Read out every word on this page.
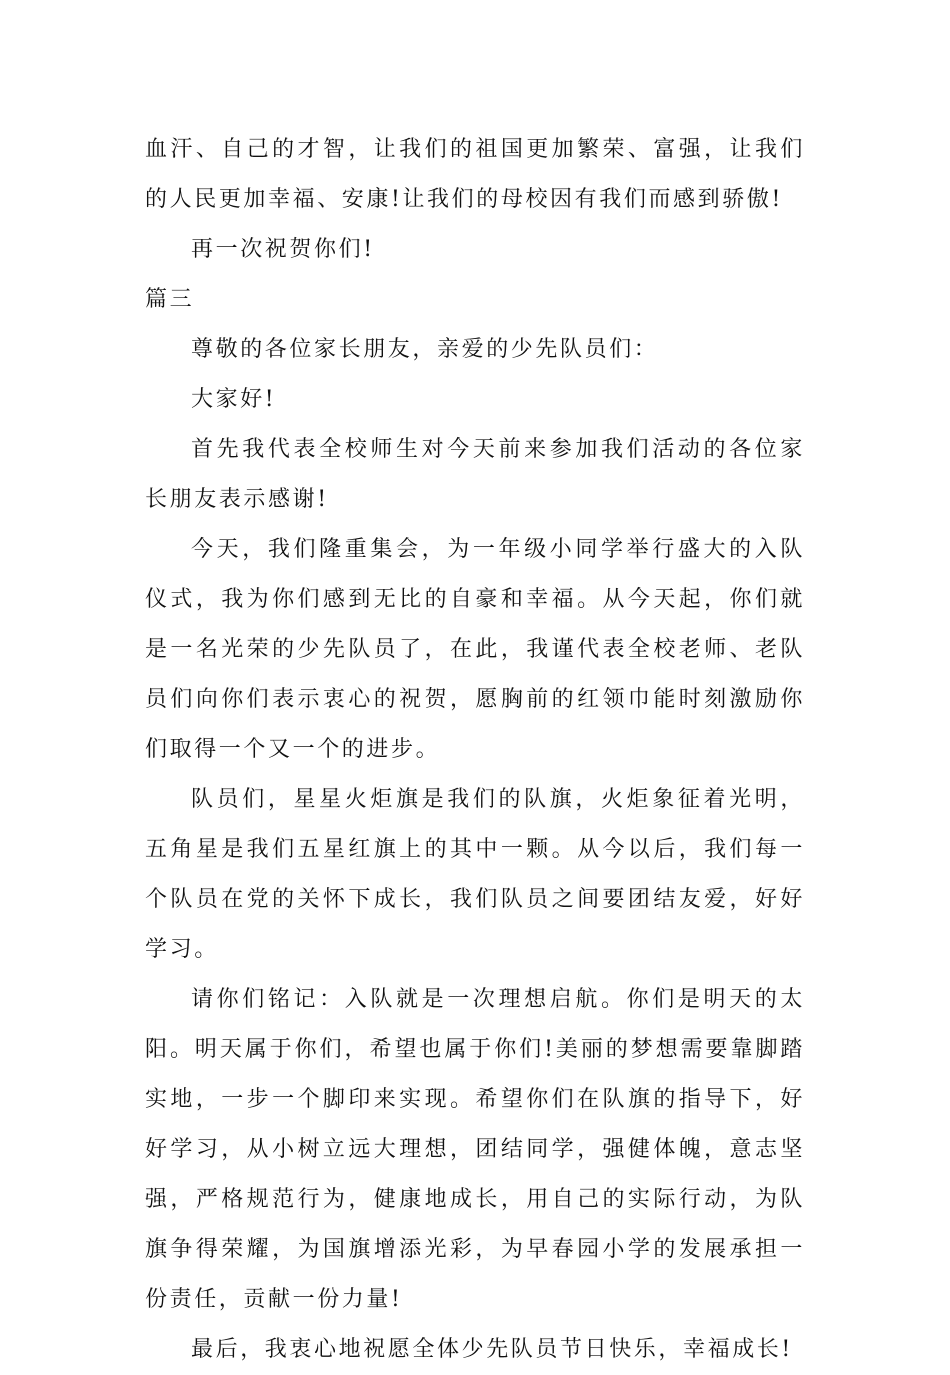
血汗、自己的才智，让我们的祖国更加繁荣、富强，让我们的人民更加幸福、安康!让我们的母校因有我们而感到骄傲!

再一次祝贺你们!

篇三

尊敬的各位家长朋友，亲爱的少先队员们：

大家好!

首先我代表全校师生对今天前来参加我们活动的各位家长朋友表示感谢!

今天，我们隆重集会，为一年级小同学举行盛大的入队仪式，我为你们感到无比的自豪和幸福。从今天起，你们就是一名光荣的少先队员了，在此，我谨代表全校老师、老队员们向你们表示衷心的祝贺，愿胸前的红领巾能时刻激励你们取得一个又一个的进步。

队员们，星星火炬旗是我们的队旗，火炬象征着光明，五角星是我们五星红旗上的其中一颗。从今以后，我们每一个队员在党的关怀下成长，我们队员之间要团结友爱，好好学习。

请你们铭记：入队就是一次理想启航。你们是明天的太阳。明天属于你们，希望也属于你们!美丽的梦想需要靠脚踏实地，一步一个脚印来实现。希望你们在队旗的指导下，好好学习，从小树立远大理想，团结同学，强健体魄，意志坚强，严格规范行为，健康地成长，用自己的实际行动，为队旗争得荣耀，为国旗增添光彩，为早春园小学的发展承担一份责任，贡献一份力量!

最后，我衷心地祝愿全体少先队员节日快乐，幸福成长!
